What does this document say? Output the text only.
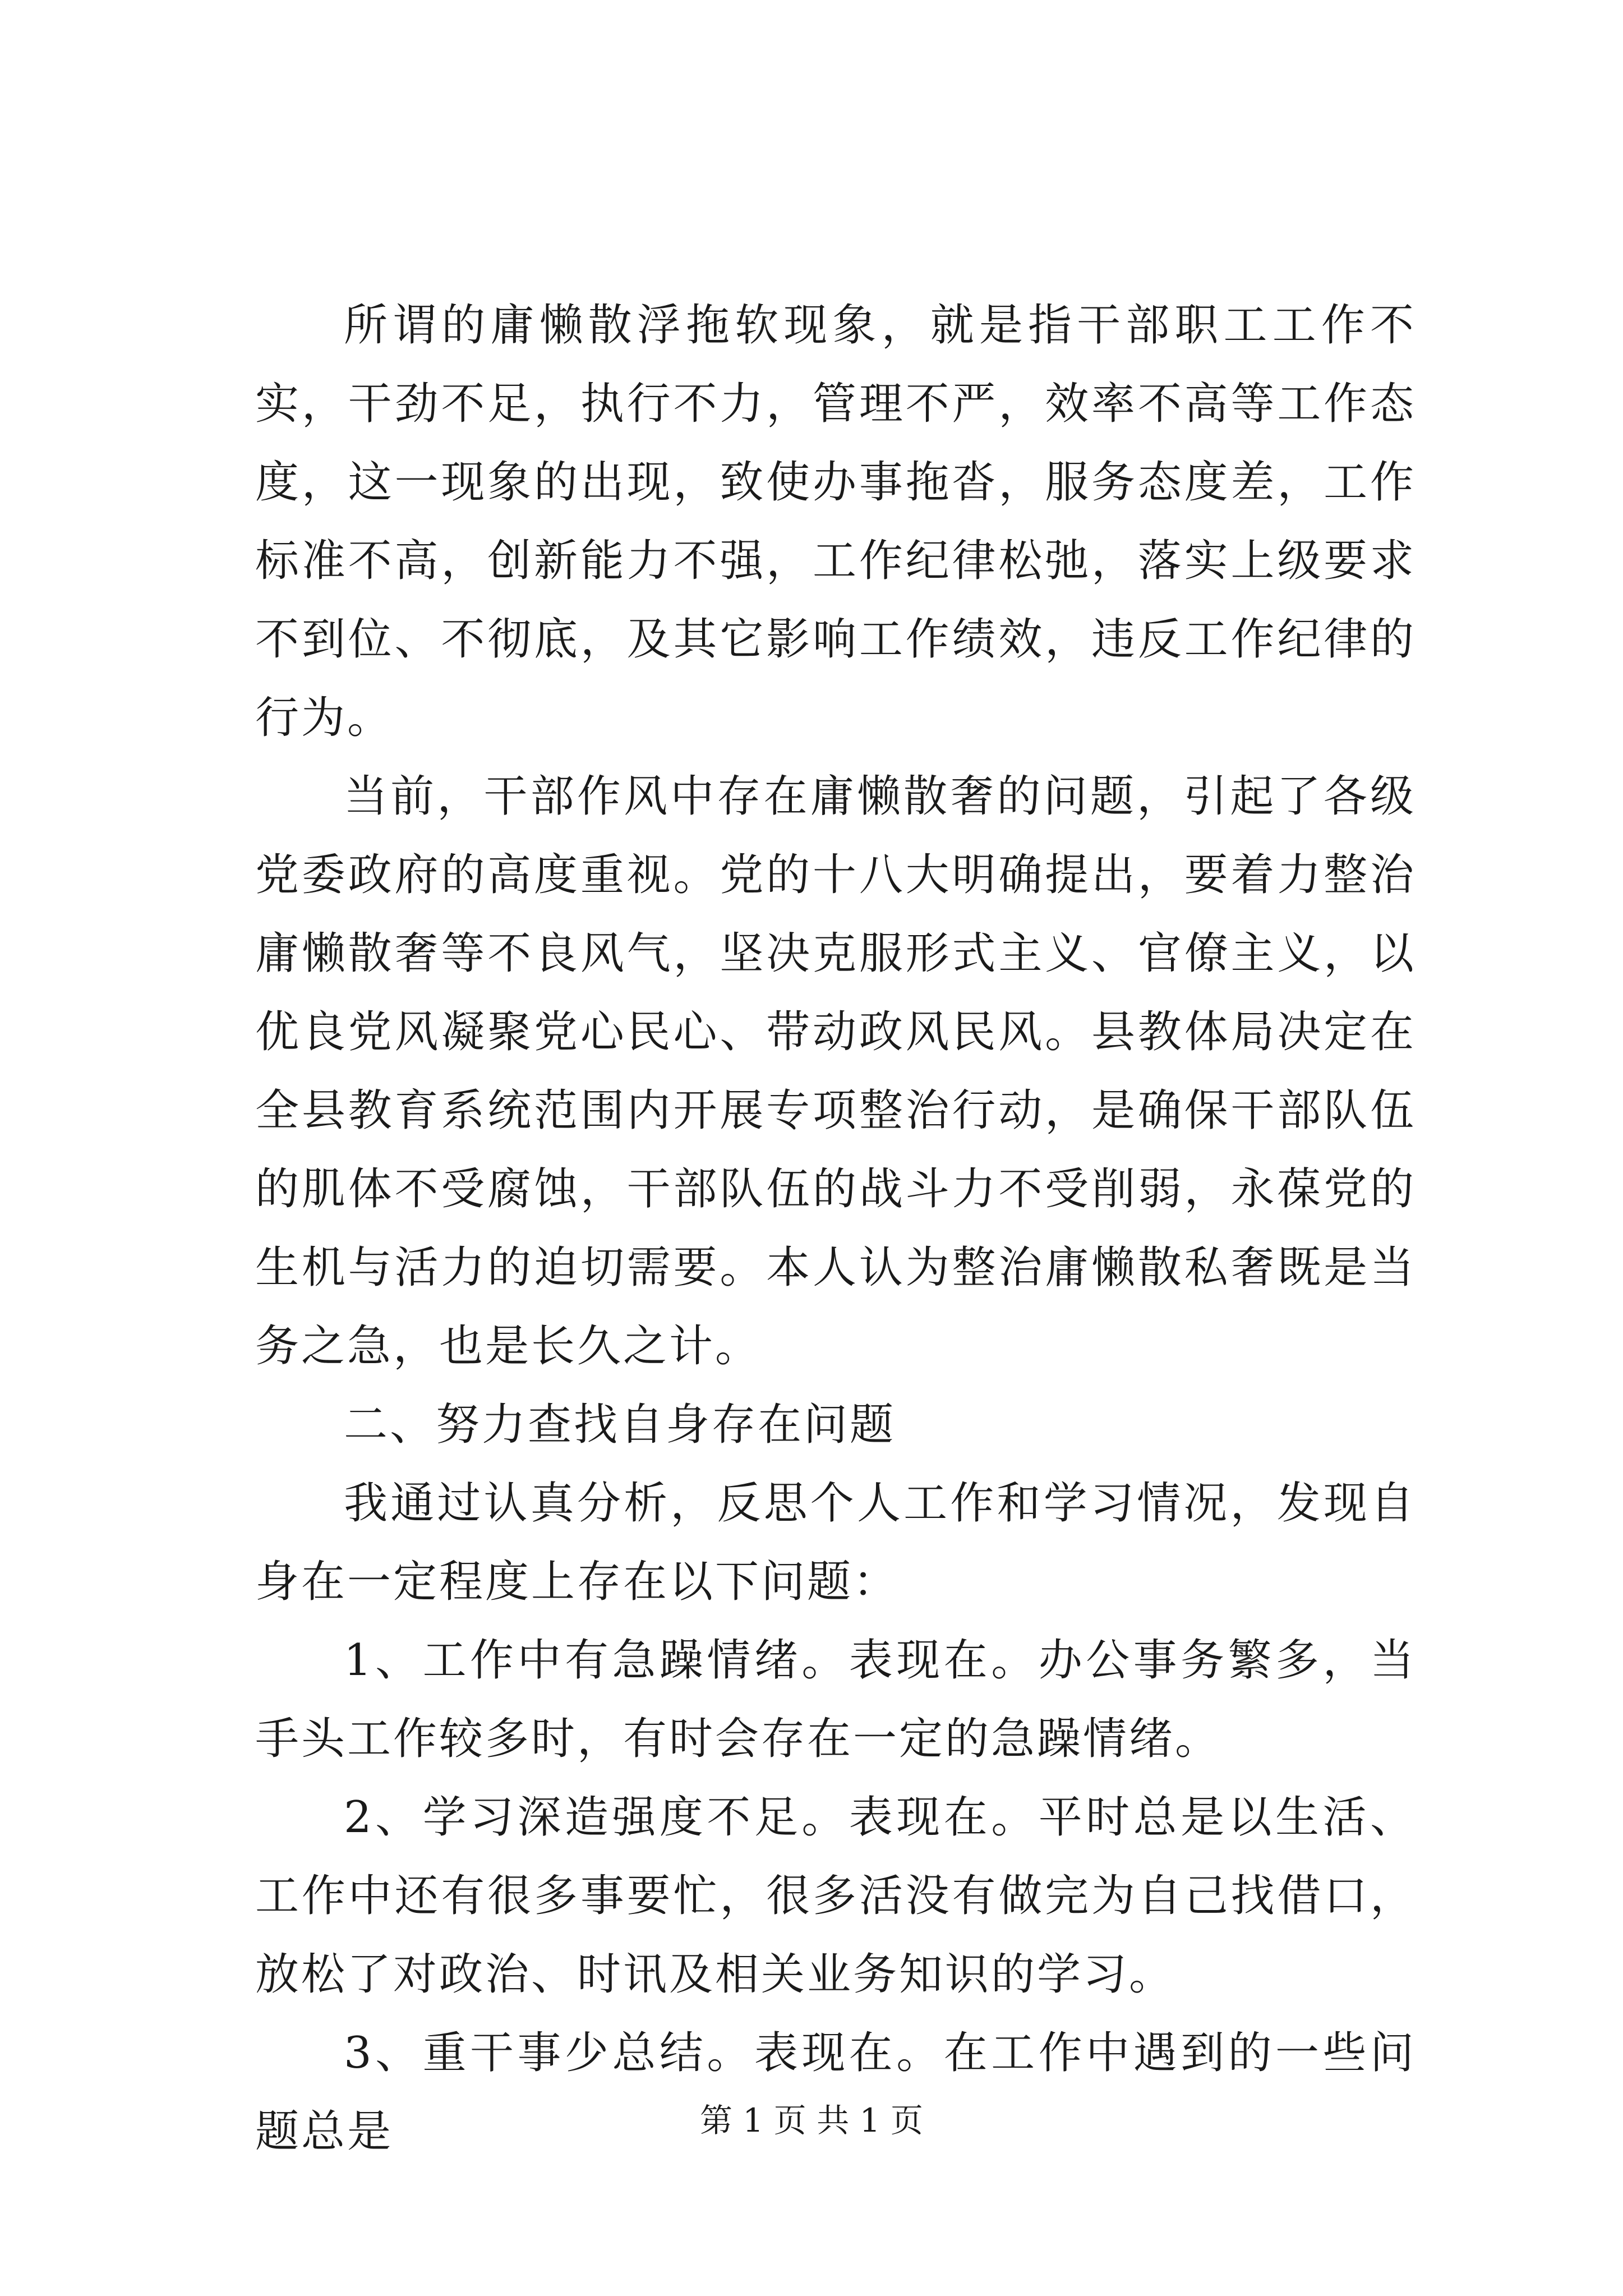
所谓的庸懒散浮拖软现象，就是指干部职工工作不实，干劲不足，执行不力，管理不严，效率不高等工作态度，这一现象的出现，致使办事拖沓，服务态度差，工作标准不高，创新能力不强，工作纪律松弛，落实上级要求不到位、不彻底，及其它影响工作绩效，违反工作纪律的行为。

当前，干部作风中存在庸懒散奢的问题，引起了各级党委政府的高度重视。党的十八大明确提出，要着力整治庸懒散奢等不良风气，坚决克服形式主义、官僚主义，以优良党风凝聚党心民心、带动政风民风。县教体局决定在全县教育系统范围内开展专项整治行动，是确保干部队伍的肌体不受腐蚀，干部队伍的战斗力不受削弱，永葆党的生机与活力的迫切需要。本人认为整治庸懒散私奢既是当务之急，也是长久之计。

二、努力查找自身存在问题

我通过认真分析，反思个人工作和学习情况，发现自身在一定程度上存在以下问题：

1、工作中有急躁情绪。表现在。办公事务繁多，当手头工作较多时，有时会存在一定的急躁情绪。

2、学习深造强度不足。表现在。平时总是以生活、工作中还有很多事要忙，很多活没有做完为自己找借口，放松了对政治、时讯及相关业务知识的学习。

3、重干事少总结。表现在。在工作中遇到的一些问题总是	第 1 页 共 1 页
